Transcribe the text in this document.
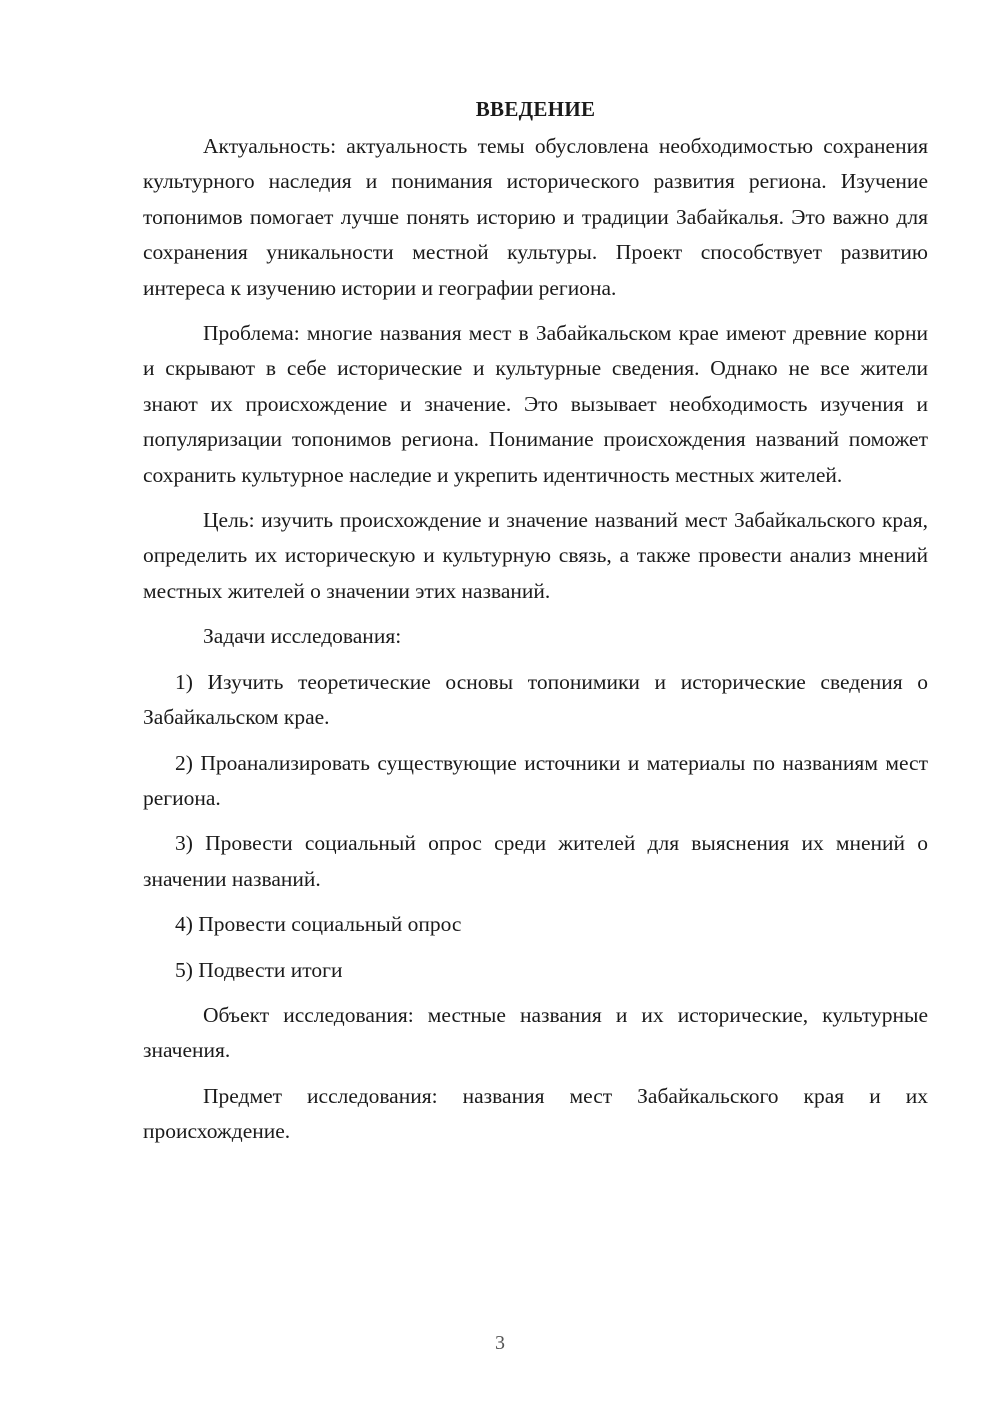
ВВЕДЕНИЕ

Актуальность: актуальность темы обусловлена необходимостью сохранения культурного наследия и понимания исторического развития региона. Изучение топонимов помогает лучше понять историю и традиции Забайкалья. Это важно для сохранения уникальности местной культуры. Проект способствует развитию интереса к изучению истории и географии региона.

Проблема: многие названия мест в Забайкальском крае имеют древние корни и скрывают в себе исторические и культурные сведения. Однако не все жители знают их происхождение и значение. Это вызывает необходимость изучения и популяризации топонимов региона. Понимание происхождения названий поможет сохранить культурное наследие и укрепить идентичность местных жителей.

Цель: изучить происхождение и значение названий мест Забайкальского края, определить их историческую и культурную связь, а также провести анализ мнений местных жителей о значении этих названий.

Задачи исследования:

1) Изучить теоретические основы топонимики и исторические сведения о Забайкальском крае.

2) Проанализировать существующие источники и материалы по названиям мест региона.

3) Провести социальный опрос среди жителей для выяснения их мнений о значении названий.

4) Провести социальный опрос

5) Подвести итоги

Объект исследования: местные названия и их исторические, культурные значения.

Предмет исследования: названия мест Забайкальского края и их происхождение.

3
